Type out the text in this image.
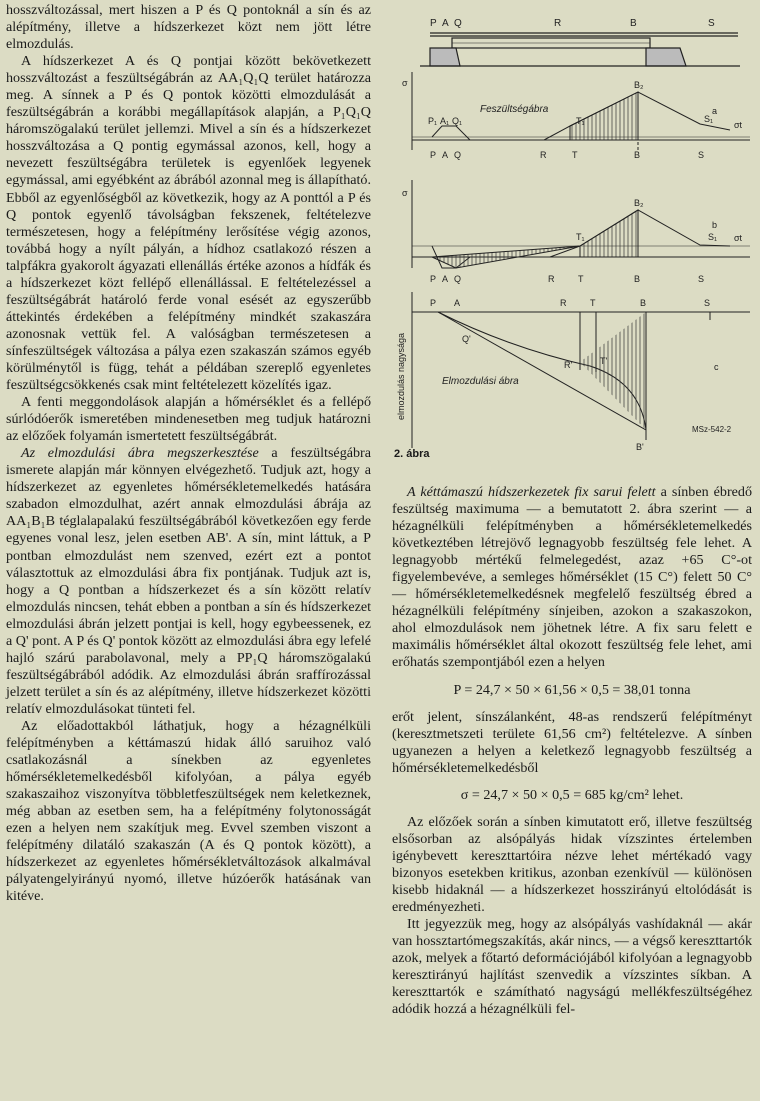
hosszváltozással, mert hiszen a P és Q pontoknál a sín és az alépítmény, illetve a hídszerkezet közt nem jött létre elmozdulás.

A hídszerkezet A és Q pontjai között bekövetkezett hosszváltozást a feszültségábrán az AA₁Q₁Q terület határozza meg. A sínnek a P és Q pontok közötti elmozdulását a feszültségábrán a korábbi megállapítások alapján, a P₁Q₁Q háromszögalakú terület jellemzi. Mivel a sín és a hídszerkezet hosszváltozása a Q pontig egymással azonos, kell, hogy a nevezett feszültségábra területek is egyenlőek legyenek egymással, ami egyébként az ábrából azonnal meg is állapítható. Ebből az egyenlőségből az következik, hogy az A ponttól a P és Q pontok egyenlő távolságban fekszenek, feltételezve természetesen, hogy a felépítmény lerősítése végig azonos, továbbá hogy a nyílt pályán, a hídhoz csatlakozó részen a talpfákra gyakorolt ágyazati ellenállás értéke azonos a hídfák és a hídszerkezet közt fellépő ellenállással. E feltételezéssel a feszültségábrát határoló ferde vonal esését az egyszerűbb áttekintés érdekében a felépítmény mindkét szakaszára azonosnak vettük fel. A valóságban természetesen a sínfeszültségek változása a pálya ezen szakaszán számos egyéb körülménytől is függ, tehát a példában szereplő egyenletes feszültségcsökkenés csak mint feltételezett közelítés igaz.

A fenti meggondolások alapján a hőmérséklet és a fellépő súrlódóerők ismeretében mindenesetben meg tudjuk határozni az előzőek folyamán ismertetett feszültségábrát.

Az elmozdulási ábra megszerkesztése a feszültségábra ismerete alapján már könnyen elvégezhető. Tudjuk azt, hogy a hídszerkezet az egyenletes hőmérsékletemelkedés hatására szabadon elmozdulhat, azért annak elmozdulási ábrája az AA₁B₁B téglalapalakú feszültségábrából következően egy ferde egyenes vonal lesz, jelen esetben AB'. A sín, mint láttuk, a P pontban elmozdulást nem szenved, ezért ezt a pontot választottuk az elmozdulási ábra fix pontjának. Tudjuk azt is, hogy a Q pontban a hídszerkezet és a sín között relatív elmozdulás nincsen, tehát ebben a pontban a sín és hídszerkezet elmozdulási ábrán jelzett pontjai is kell, hogy egybeessenek, ez a Q' pont. A P és Q' pontok között az elmozdulási ábra egy lefelé hajló szárú parabolavonal, mely a PP₁Q háromszögalakú feszültségábrából adódik. Az elmozdulási ábrán sraffírozással jelzett terület a sín és az alépítmény, illetve hídszerkezet közötti relatív elmozdulásokat tünteti fel.

Az előadottakból láthatjuk, hogy a hézagnélküli felépítményben a kéttámaszú hidak álló saruihoz való csatlakozásnál a sínekben az egyenletes hőmérsékletemelkedésből kifolyóan, a pálya egyéb szakaszaihoz viszonyítva többletfeszültségek nem keletkeznek, még abban az esetben sem, ha a felépítmény folytonosságát ezen a helyen nem szakítjuk meg. Evvel szemben viszont a felépítmény dilatáló szakaszán (A és Q pontok között), a hídszerkezet az egyenletes hőmérsékletváltozások alkalmával pályatengelyirányú nyomó, illetve húzóerők hatásának van kitéve.

P A Q	R	B	S
σ
Feszültségábra	a
P₁ A₁ Q₁	T₁
B₂
S₁
σt
P A Q	R	T	B	S
σ
b
T₁
B₂
S₁ σt
P A Q	R	T	B	S
elmozdulás nagysága	Elmozdulási ábra
c
P A	R	T	B	S
Q'
R'	T'
B'
MSz-542-2
2. ábra

A kéttámaszú hídszerkezetek fix sarui felett a sínben ébredő feszültség maximuma — a bemutatott 2. ábra szerint — a hézagnélküli felépítményben a hőmérsékletemelkedés következtében létrejövő legnagyobb feszültség fele lehet. A legnagyobb mértékű felmelegedést, azaz +65 C°-ot figyelembevéve, a semleges hőmérséklet (15 C°) felett 50 C° — hőmérsékletemelkedésnek megfelelő feszültség ébred a hézagnélküli felépítmény sínjeiben, azokon a szakaszokon, ahol elmozdulások nem jöhetnek létre. A fix saru felett e maximális hőmérséklet által okozott feszültség fele lehet, ami erőhatás szempontjából ezen a helyen

P = 24,7 × 50 × 61,56 × 0,5 = 38,01 tonna

erőt jelent, sínszálanként, 48-as rendszerű felépítményt (keresztmetszeti területe 61,56 cm²) feltételezve. A sínben ugyanezen a helyen a keletkező legnagyobb feszültség a hőmérsékletemelkedésből

σ = 24,7 × 50 × 0,5 = 685 kg/cm² lehet.

Az előzőek során a sínben kimutatott erő, illetve feszültség elsősorban az alsópályás hidak vízszintes értelemben igénybevett kereszttartóira nézve lehet mértékadó vagy bizonyos esetekben kritikus, azonban ezenkívül — különösen kisebb hidaknál — a hídszerkezet hosszirányú eltolódását is eredményezheti.

Itt jegyezzük meg, hogy az alsópályás vashídaknál — akár van hossztartómegszakítás, akár nincs, — a végső kereszttartók azok, melyek a főtartó deformációjából kifolyóan a legnagyobb keresztirányú hajlítást szenvedik a vízszintes síkban. A kereszttartók e számítható nagyságú mellékfeszültségéhez adódik hozzá a hézagnélküli fel-
